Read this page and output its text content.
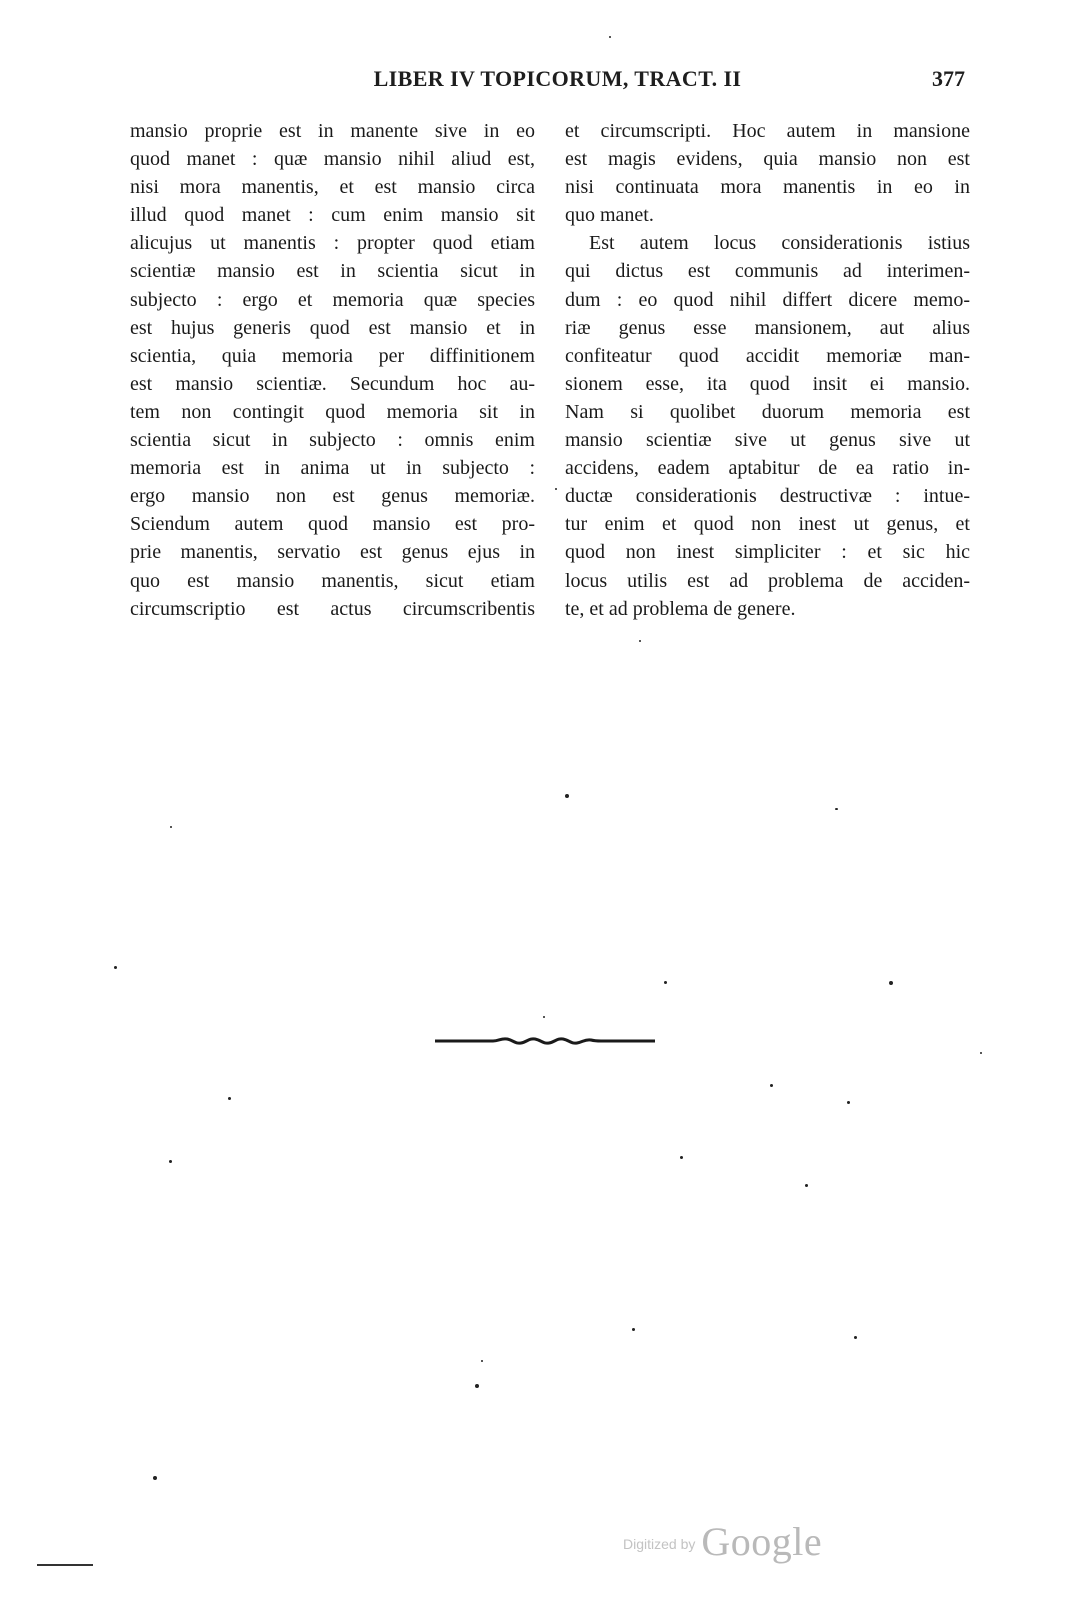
LIBER IV TOPICORUM, TRACT. II	377
mansio proprie est in manente sive in eo
quod manet : quæ mansio nihil aliud est,
nisi mora manentis, et est mansio circa
illud quod manet : cum enim mansio sit
alicujus ut manentis : propter quod etiam
scientiæ mansio est in scientia sicut in
subjecto : ergo et memoria quæ species
est hujus generis quod est mansio et in
scientia, quia memoria per diffinitionem
est mansio scientiæ. Secundum hoc au-
tem non contingit quod memoria sit in
scientia sicut in subjecto : omnis enim
memoria est in anima ut in subjecto :
ergo mansio non est genus memoriæ.
Sciendum autem quod mansio est pro-
prie manentis, servatio est genus ejus in
quo est mansio manentis, sicut etiam
circumscriptio est actus circumscribentis
et circumscripti. Hoc autem in mansione
est magis evidens, quia mansio non est
nisi continuata mora manentis in eo in
quo manet.
Est autem locus considerationis istius
qui dictus est communis ad interimen-
dum : eo quod nihil differt dicere memo-
riæ genus esse mansionem, aut alius
confiteatur quod accidit memoriæ man-
sionem esse, ita quod insit ei mansio.
Nam si quolibet duorum memoria est
mansio scientiæ sive ut genus sive ut
accidens, eadem aptabitur de ea ratio in-
ductæ considerationis destructivæ : intue-
tur enim et quod non inest ut genus, et
quod non inest simpliciter : et sic hic
locus utilis est ad problema de acciden-
te, et ad problema de genere.
Digitized by Google
